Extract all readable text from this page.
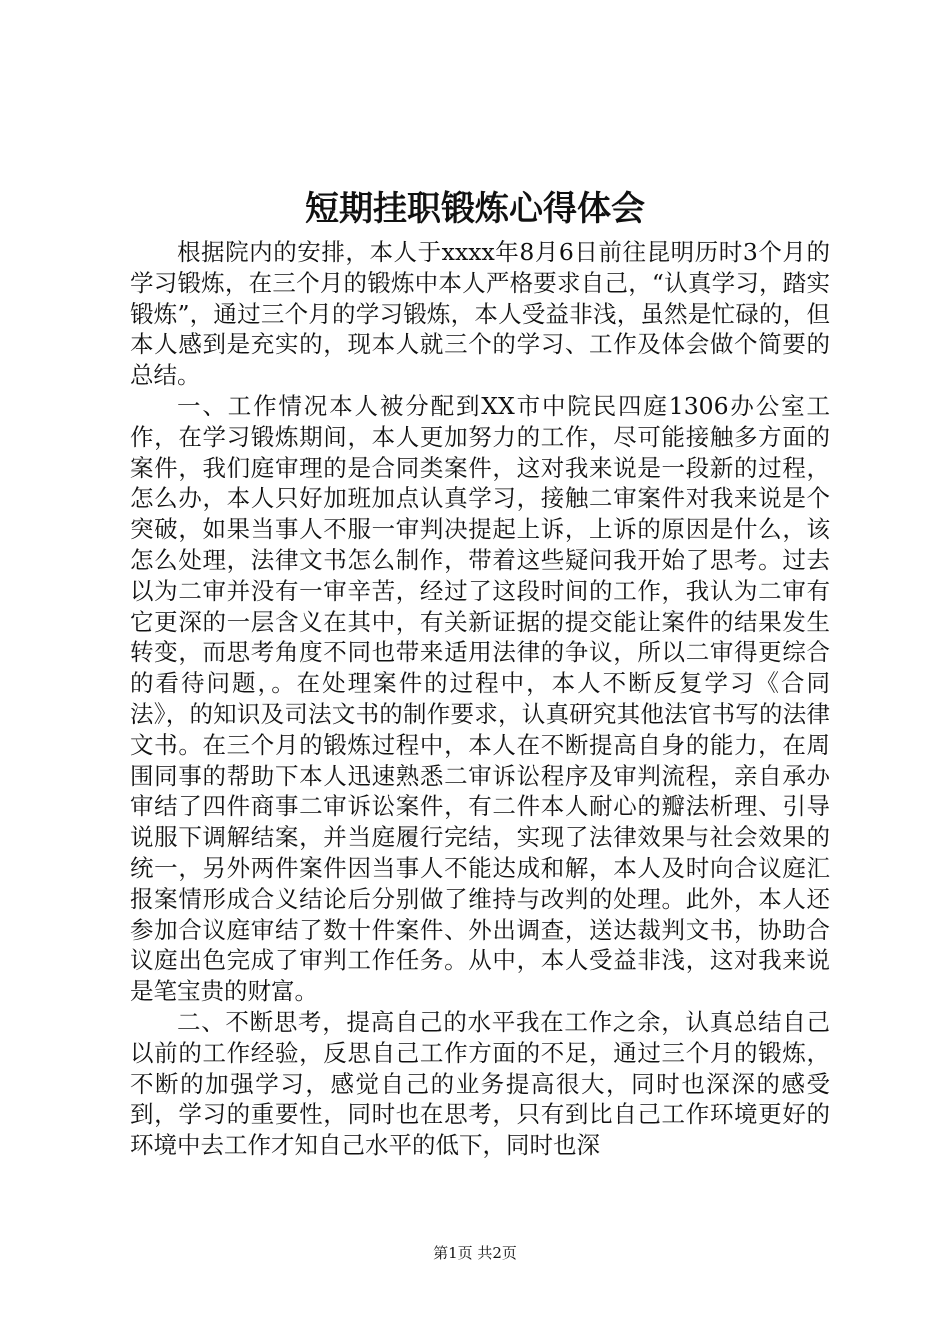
短期挂职锻炼心得体会

根据院内的安排，本人于xxxx年8月6日前往昆明历时3个月的学习锻炼，在三个月的锻炼中本人严格要求自己，“认真学习，踏实锻炼”，通过三个月的学习锻炼，本人受益非浅，虽然是忙碌的，但本人感到是充实的，现本人就三个的学习、工作及体会做个简要的总结。

一、工作情况本人被分配到XX市中院民四庭1306办公室工作，在学习锻炼期间，本人更加努力的工作，尽可能接触多方面的案件，我们庭审理的是合同类案件，这对我来说是一段新的过程，怎么办，本人只好加班加点认真学习，接触二审案件对我来说是个突破，如果当事人不服一审判决提起上诉，上诉的原因是什么，该怎么处理，法律文书怎么制作，带着这些疑问我开始了思考。过去以为二审并没有一审辛苦，经过了这段时间的工作，我认为二审有它更深的一层含义在其中，有关新证据的提交能让案件的结果发生转变，而思考角度不同也带来适用法律的争议，所以二审得更综合的看待问题，。在处理案件的过程中，本人不断反复学习《合同法》，的知识及司法文书的制作要求，认真研究其他法官书写的法律文书。在三个月的锻炼过程中，本人在不断提高自身的能力，在周围同事的帮助下本人迅速熟悉二审诉讼程序及审判流程，亲自承办审结了四件商事二审诉讼案件，有二件本人耐心的瓣法析理、引导说服下调解结案，并当庭履行完结，实现了法律效果与社会效果的统一，另外两件案件因当事人不能达成和解，本人及时向合议庭汇报案情形成合义结论后分别做了维持与改判的处理。此外，本人还参加合议庭审结了数十件案件、外出调查，送达裁判文书，协助合议庭出色完成了审判工作任务。从中，本人受益非浅，这对我来说是笔宝贵的财富。

二、不断思考，提高自己的水平我在工作之余，认真总结自己以前的工作经验，反思自己工作方面的不足，通过三个月的锻炼，不断的加强学习，感觉自己的业务提高很大，同时也深深的感受到，学习的重要性，同时也在思考，只有到比自己工作环境更好的环境中去工作才知自己水平的低下，同时也深

第1页 共2页
